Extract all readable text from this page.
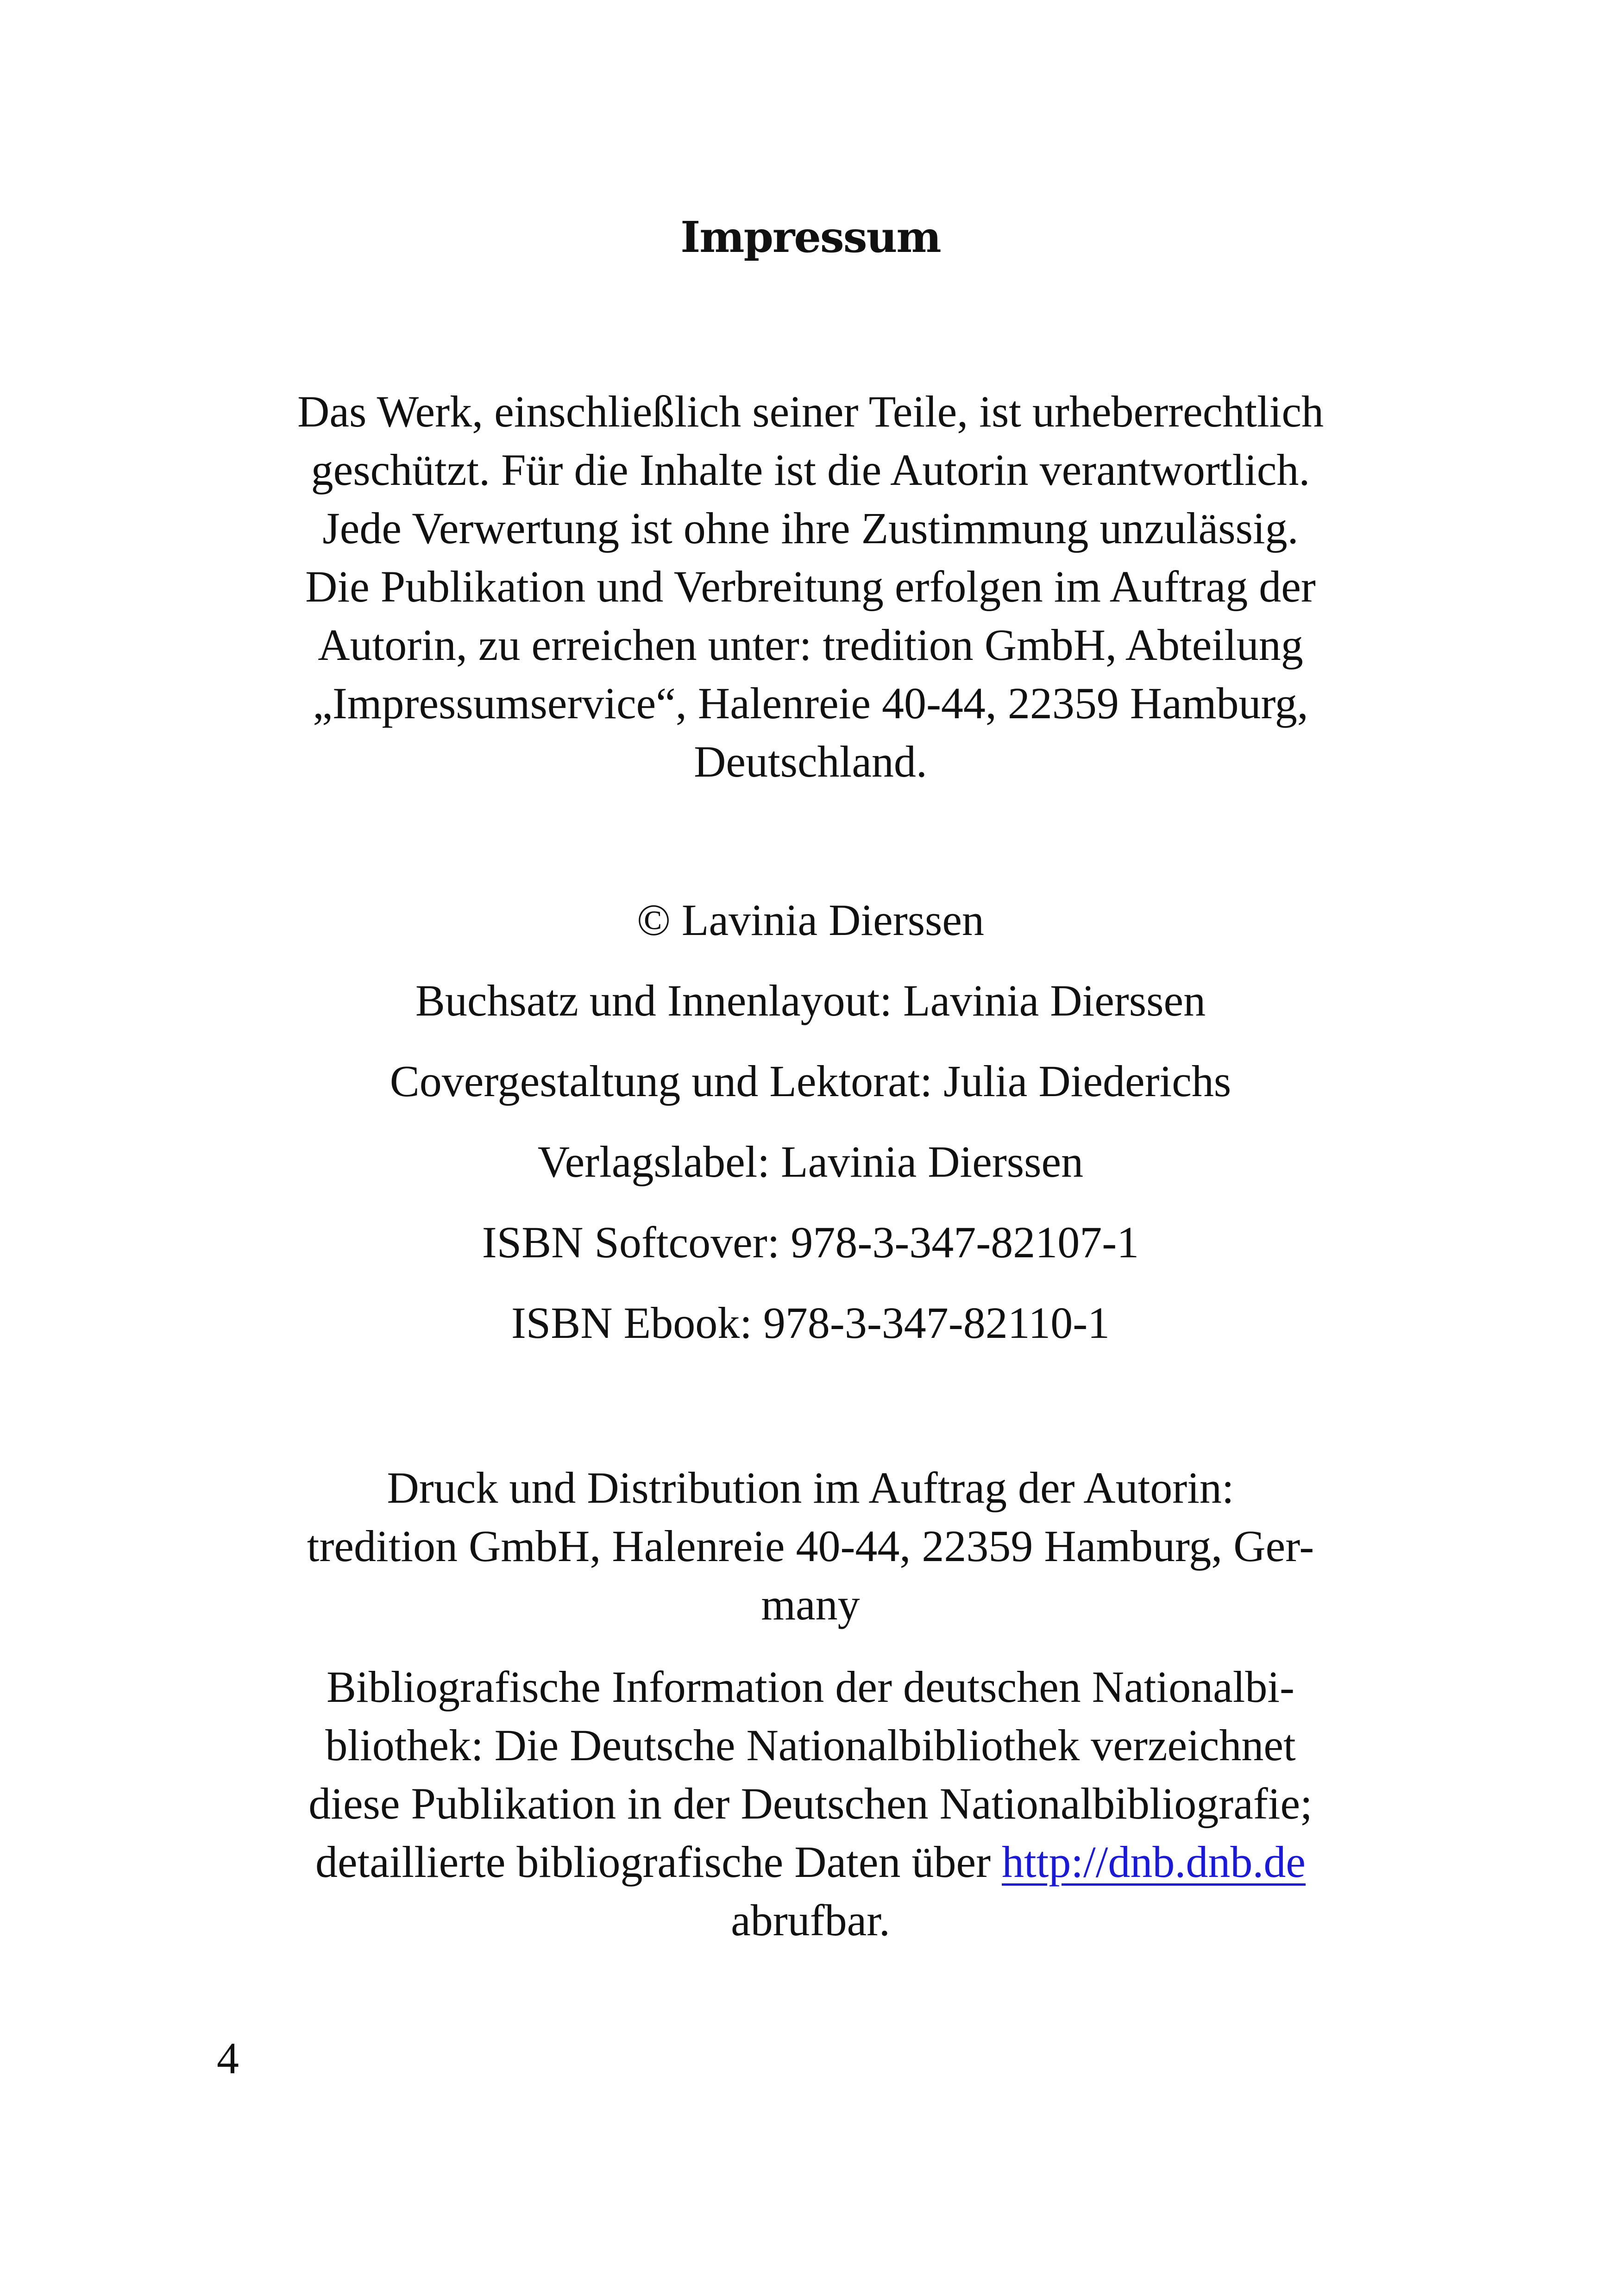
Impressum
Das Werk, einschließlich seiner Teile, ist urheberrechtlich
geschützt. Für die Inhalte ist die Autorin verantwortlich.
Jede Verwertung ist ohne ihre Zustimmung unzulässig.
Die Publikation und Verbreitung erfolgen im Auftrag der
Autorin, zu erreichen unter: tredition GmbH, Abteilung
„Impressumservice“, Halenreie 40-44, 22359 Hamburg,
Deutschland.
© Lavinia Dierssen
Buchsatz und Innenlayout: Lavinia Dierssen
Covergestaltung und Lektorat: Julia Diederichs
Verlagslabel: Lavinia Dierssen
ISBN Softcover: 978-3-347-82107-1
ISBN Ebook: 978-3-347-82110-1
Druck und Distribution im Auftrag der Autorin:
tredition GmbH, Halenreie 40-44, 22359 Hamburg, Ger-
many
Bibliografische Information der deutschen Nationalbi-
bliothek: Die Deutsche Nationalbibliothek verzeichnet
diese Publikation in der Deutschen Nationalbibliografie;
detaillierte bibliografische Daten über http://dnb.dnb.de
abrufbar.
4
